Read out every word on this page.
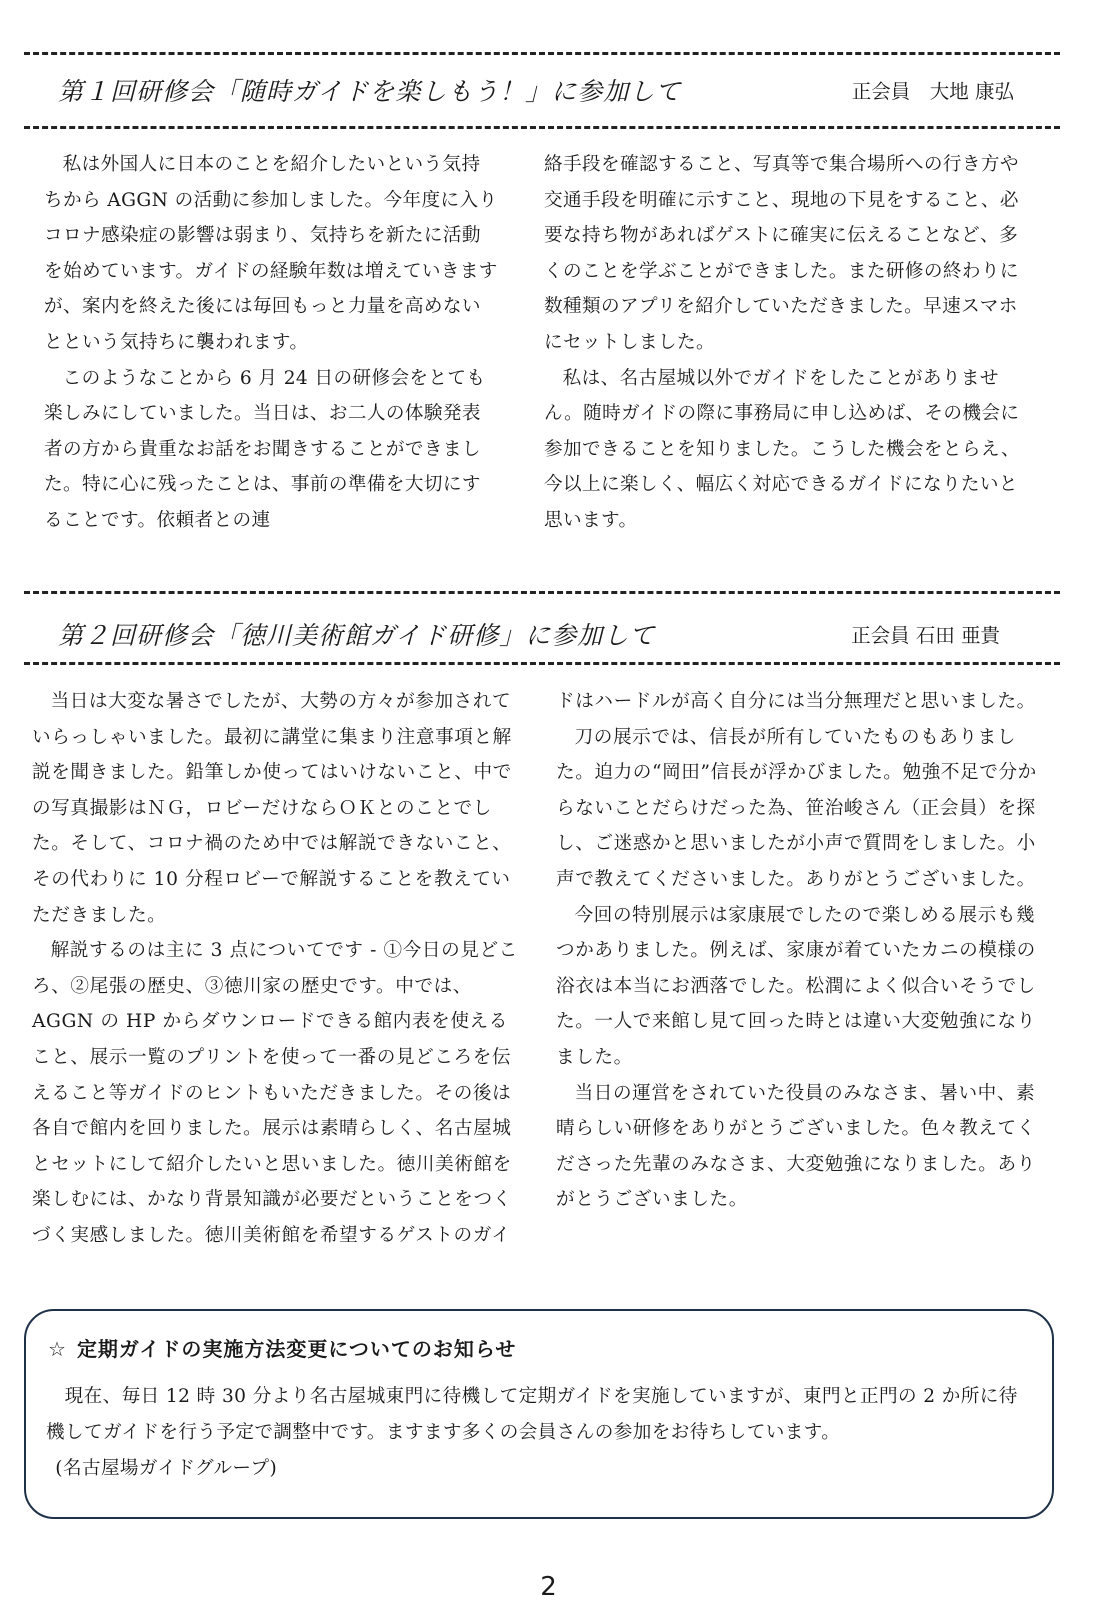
第１回研修会「随時ガイドを楽しもう！」に参加して	正会員　大地 康弘

私は外国人に日本のことを紹介したいという気持ちから AGGN の活動に参加しました。今年度に入りコロナ感染症の影響は弱まり、気持ちを新たに活動を始めています。ガイドの経験年数は増えていきますが、案内を終えた後には毎回もっと力量を高めないとという気持ちに襲われます。

このようなことから 6 月 24 日の研修会をとても楽しみにしていました。当日は、お二人の体験発表者の方から貴重なお話をお聞きすることができました。特に心に残ったことは、事前の準備を大切にすることです。依頼者との連

絡手段を確認すること、写真等で集合場所への行き方や交通手段を明確に示すこと、現地の下見をすること、必要な持ち物があればゲストに確実に伝えることなど、多くのことを学ぶことができました。また研修の終わりに数種類のアプリを紹介していただきました。早速スマホにセットしました。

私は、名古屋城以外でガイドをしたことがありません。随時ガイドの際に事務局に申し込めば、その機会に参加できることを知りました。こうした機会をとらえ、今以上に楽しく、幅広く対応できるガイドになりたいと思います。

第２回研修会「徳川美術館ガイド研修」に参加して	正会員 石田 亜貴

当日は大変な暑さでしたが、大勢の方々が参加されていらっしゃいました。最初に講堂に集まり注意事項と解説を聞きました。鉛筆しか使ってはいけないこと、中での写真撮影はＮＧ，ロビーだけならＯＫとのことでした。そして、コロナ禍のため中では解説できないこと、その代わりに 10 分程ロビーで解説することを教えていただきました。

解説するのは主に 3 点についてです - ①今日の見どころ、②尾張の歴史、③徳川家の歴史です。中では、AGGN の HP からダウンロードできる館内表を使えること、展示一覧のプリントを使って一番の見どころを伝えること等ガイドのヒントもいただきました。その後は各自で館内を回りました。展示は素晴らしく、名古屋城とセットにして紹介したいと思いました。徳川美術館を楽しむには、かなり背景知識が必要だということをつくづく実感しました。徳川美術館を希望するゲストのガイ

ドはハードルが高く自分には当分無理だと思いました。

刀の展示では、信長が所有していたものもありました。迫力の“岡田”信長が浮かびました。勉強不足で分からないことだらけだった為、笹治峻さん（正会員）を探し、ご迷惑かと思いましたが小声で質問をしました。小声で教えてくださいました。ありがとうございました。

今回の特別展示は家康展でしたので楽しめる展示も幾つかありました。例えば、家康が着ていたカニの模様の浴衣は本当にお洒落でした。松潤によく似合いそうでした。一人で来館し見て回った時とは違い大変勉強になりました。

当日の運営をされていた役員のみなさま、暑い中、素晴らしい研修をありがとうございました。色々教えてくださった先輩のみなさま、大変勉強になりました。ありがとうございました。

☆ 定期ガイドの実施方法変更についてのお知らせ

現在、毎日 12 時 30 分より名古屋城東門に待機して定期ガイドを実施していますが、東門と正門の 2 か所に待機してガイドを行う予定で調整中です。ますます多くの会員さんの参加をお待ちしています。

(名古屋場ガイドグループ)

2
